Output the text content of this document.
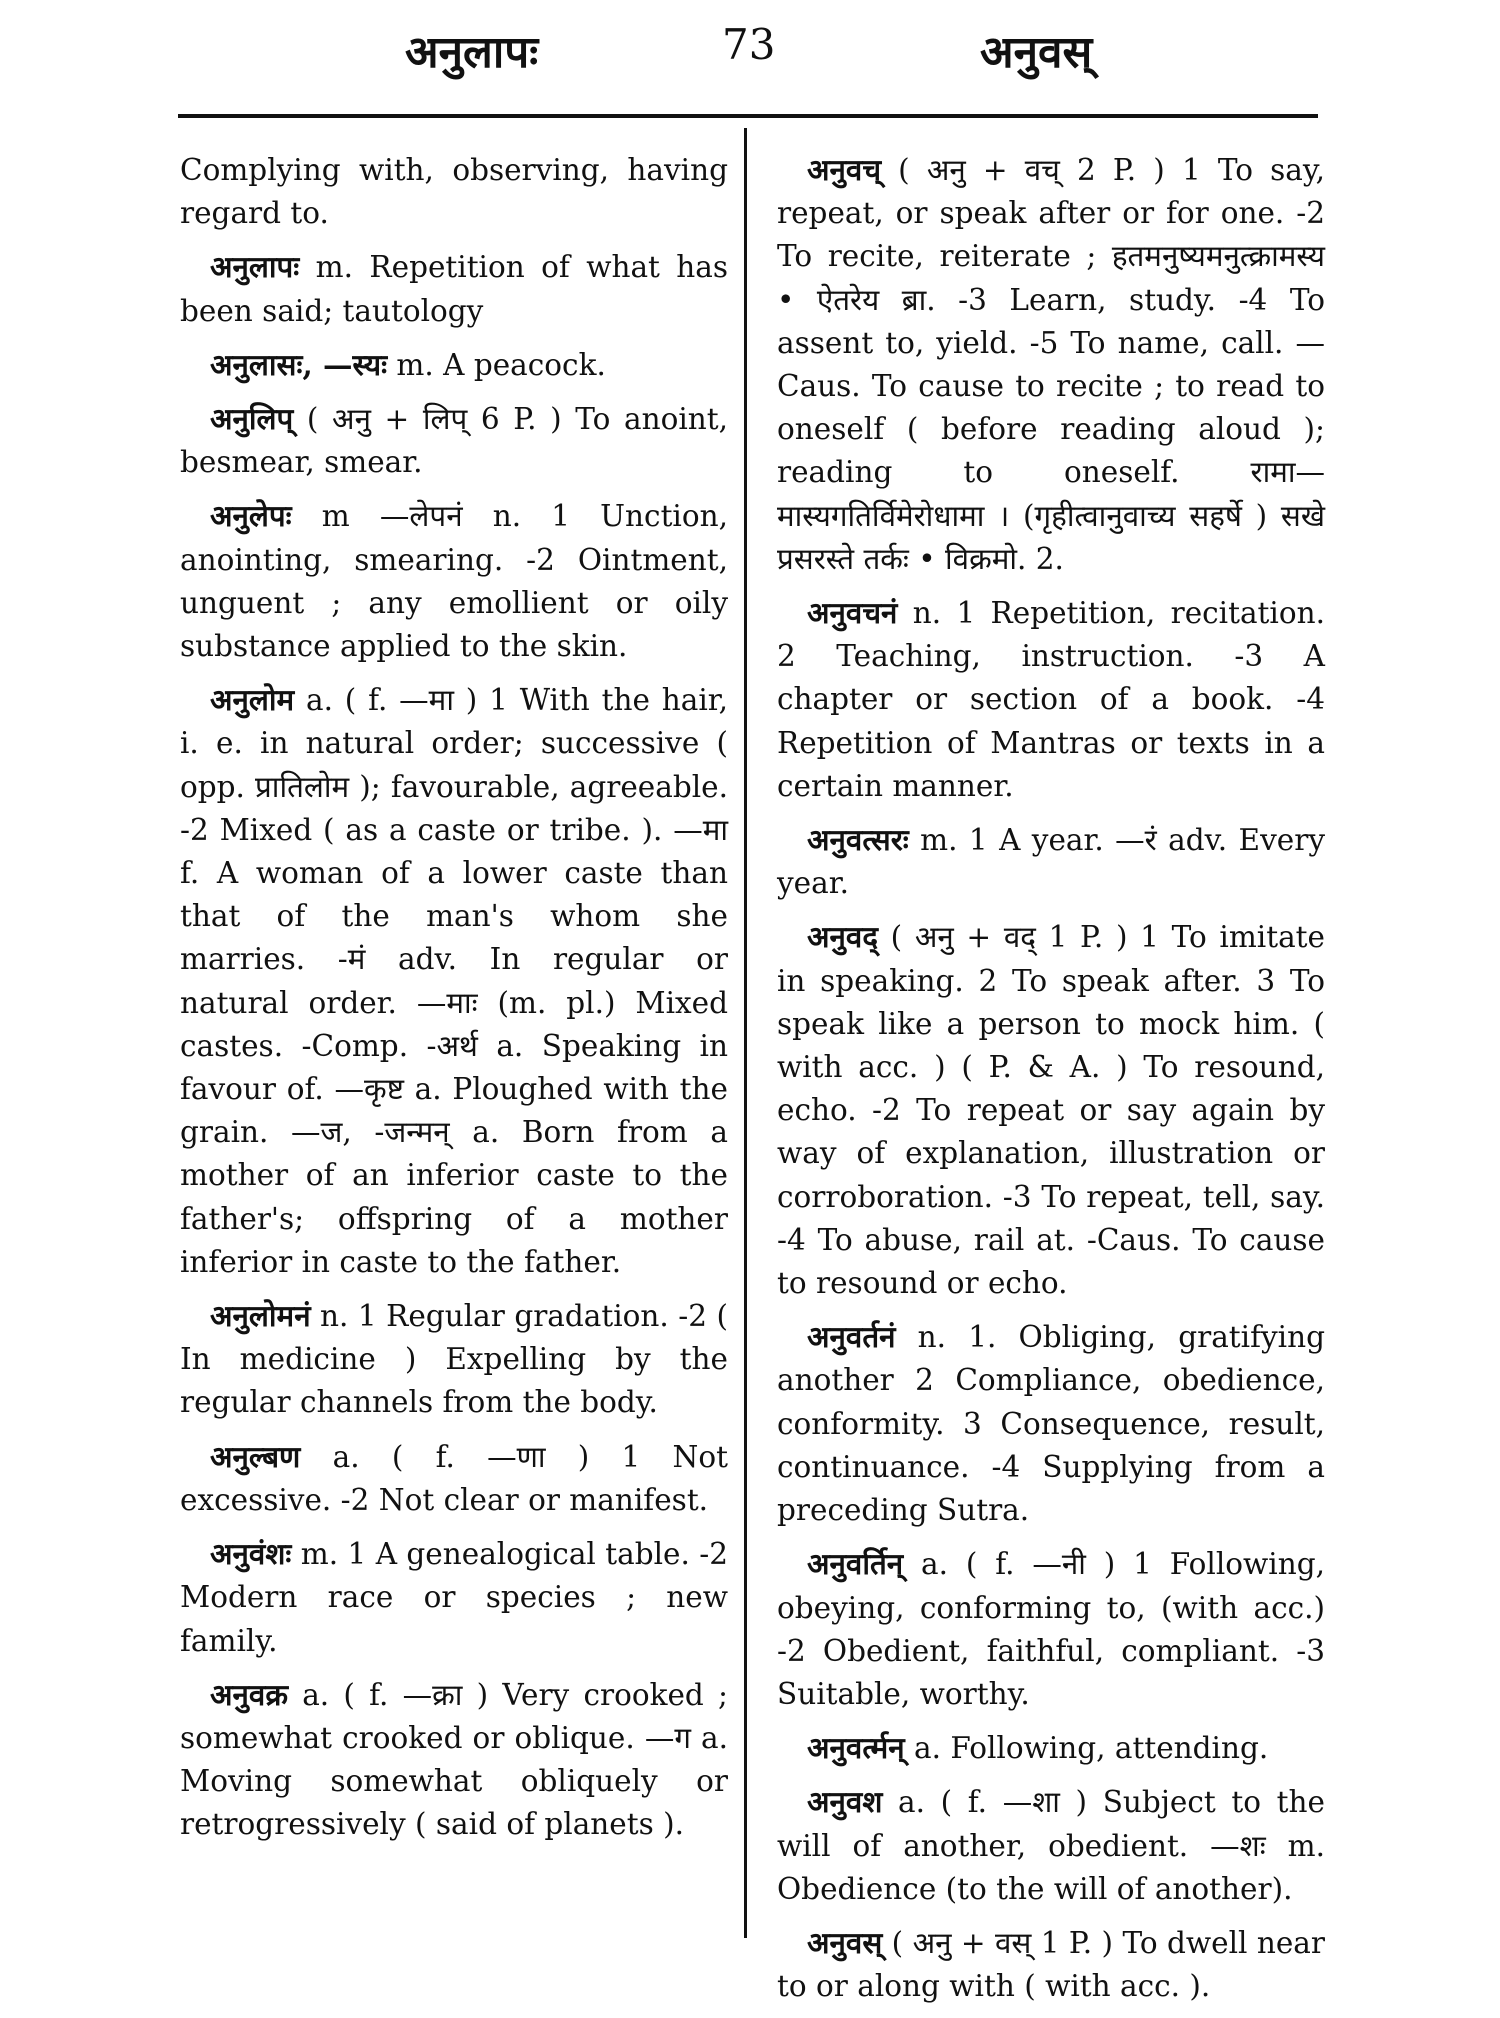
अनुलापः	73	अनुवस्

Complying with, observing, having regard to.

अनुलापः m. Repetition of what has been said; tautology

अनुलासः, —स्यः m. A peacock.

अनुलिप् ( अनु + लिप् 6 P. ) To anoint, besmear, smear.

अनुलेपः m —लेपनं n. 1 Unction, anointing, smearing. -2 Ointment, unguent ; any emollient or oily substance applied to the skin.

अनुलोम a. ( f. —मा ) 1 With the hair, i. e. in natural order; successive ( opp. प्रातिलोम ); favourable, agreeable. -2 Mixed ( as a caste or tribe. ). —मा f. A woman of a lower caste than that of the man's whom she marries. -मं adv. In regular or natural order. —माः (m. pl.) Mixed castes. -Comp. -अर्थ a. Speaking in favour of. —कृष्ट a. Ploughed with the grain. —ज, -जन्मन् a. Born from a mother of an inferior caste to the father's; offspring of a mother inferior in caste to the father.

अनुलोमनं n. 1 Regular gradation. -2 ( In medicine ) Expelling by the regular channels from the body.

अनुल्बण a. ( f. —णा ) 1 Not excessive. -2 Not clear or manifest.

अनुवंशः m. 1 A genealogical table. -2 Modern race or species ; new family.

अनुवक्र a. ( f. —क्रा ) Very crooked ; somewhat crooked or oblique. —ग a. Moving somewhat obliquely or retrogressively ( said of planets ).

अनुवच् ( अनु + वच् 2 P. ) 1 To say, repeat, or speak after or for one. -2 To recite, reiterate ; हतमनुष्यमनुत्क्रामस्य • ऐतरेय ब्रा. -3 Learn, study. -4 To assent to, yield. -5 To name, call. —Caus. To cause to recite ; to read to oneself ( before reading aloud ); reading to oneself. रामा—मास्यगतिर्विमेरोधामा । (गृहीत्वानुवाच्य सहर्षे ) सखे प्रसरस्ते तर्कः • विक्रमो. 2.

अनुवचनं n. 1 Repetition, recitation. 2 Teaching, instruction. -3 A chapter or section of a book. -4 Repetition of Mantras or texts in a certain manner.

अनुवत्सरः m. 1 A year. —रं adv. Every year.

अनुवद् ( अनु + वद् 1 P. ) 1 To imitate in speaking. 2 To speak after. 3 To speak like a person to mock him. ( with acc. ) ( P. & A. ) To resound, echo. -2 To repeat or say again by way of explanation, illustration or corroboration. -3 To repeat, tell, say. -4 To abuse, rail at. -Caus. To cause to resound or echo.

अनुवर्तनं n. 1. Obliging, gratifying another 2 Compliance, obedience, conformity. 3 Consequence, result, continuance. -4 Supplying from a preceding Sutra.

अनुवर्तिन् a. ( f. —नी ) 1 Following, obeying, conforming to, (with acc.) -2 Obedient, faithful, compliant. -3 Suitable, worthy.

अनुवर्त्मन् a. Following, attending.

अनुवश a. ( f. —शा ) Subject to the will of another, obedient. —शः m. Obedience (to the will of another).

अनुवस् ( अनु + वस् 1 P. ) To dwell near to or along with ( with acc. ).
